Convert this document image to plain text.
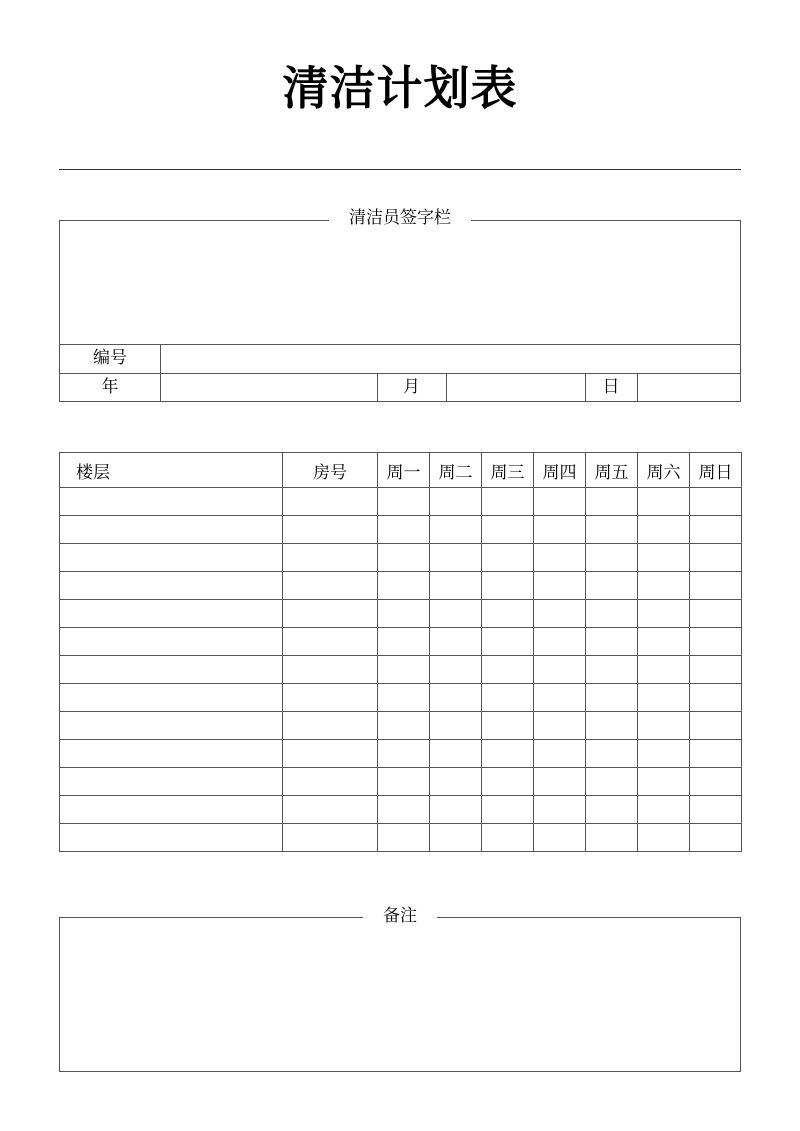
清洁计划表
编号
年	月	日
清洁员签字栏
楼层	房号	周一	周二	周三	周四	周五	周六	周日

备注
